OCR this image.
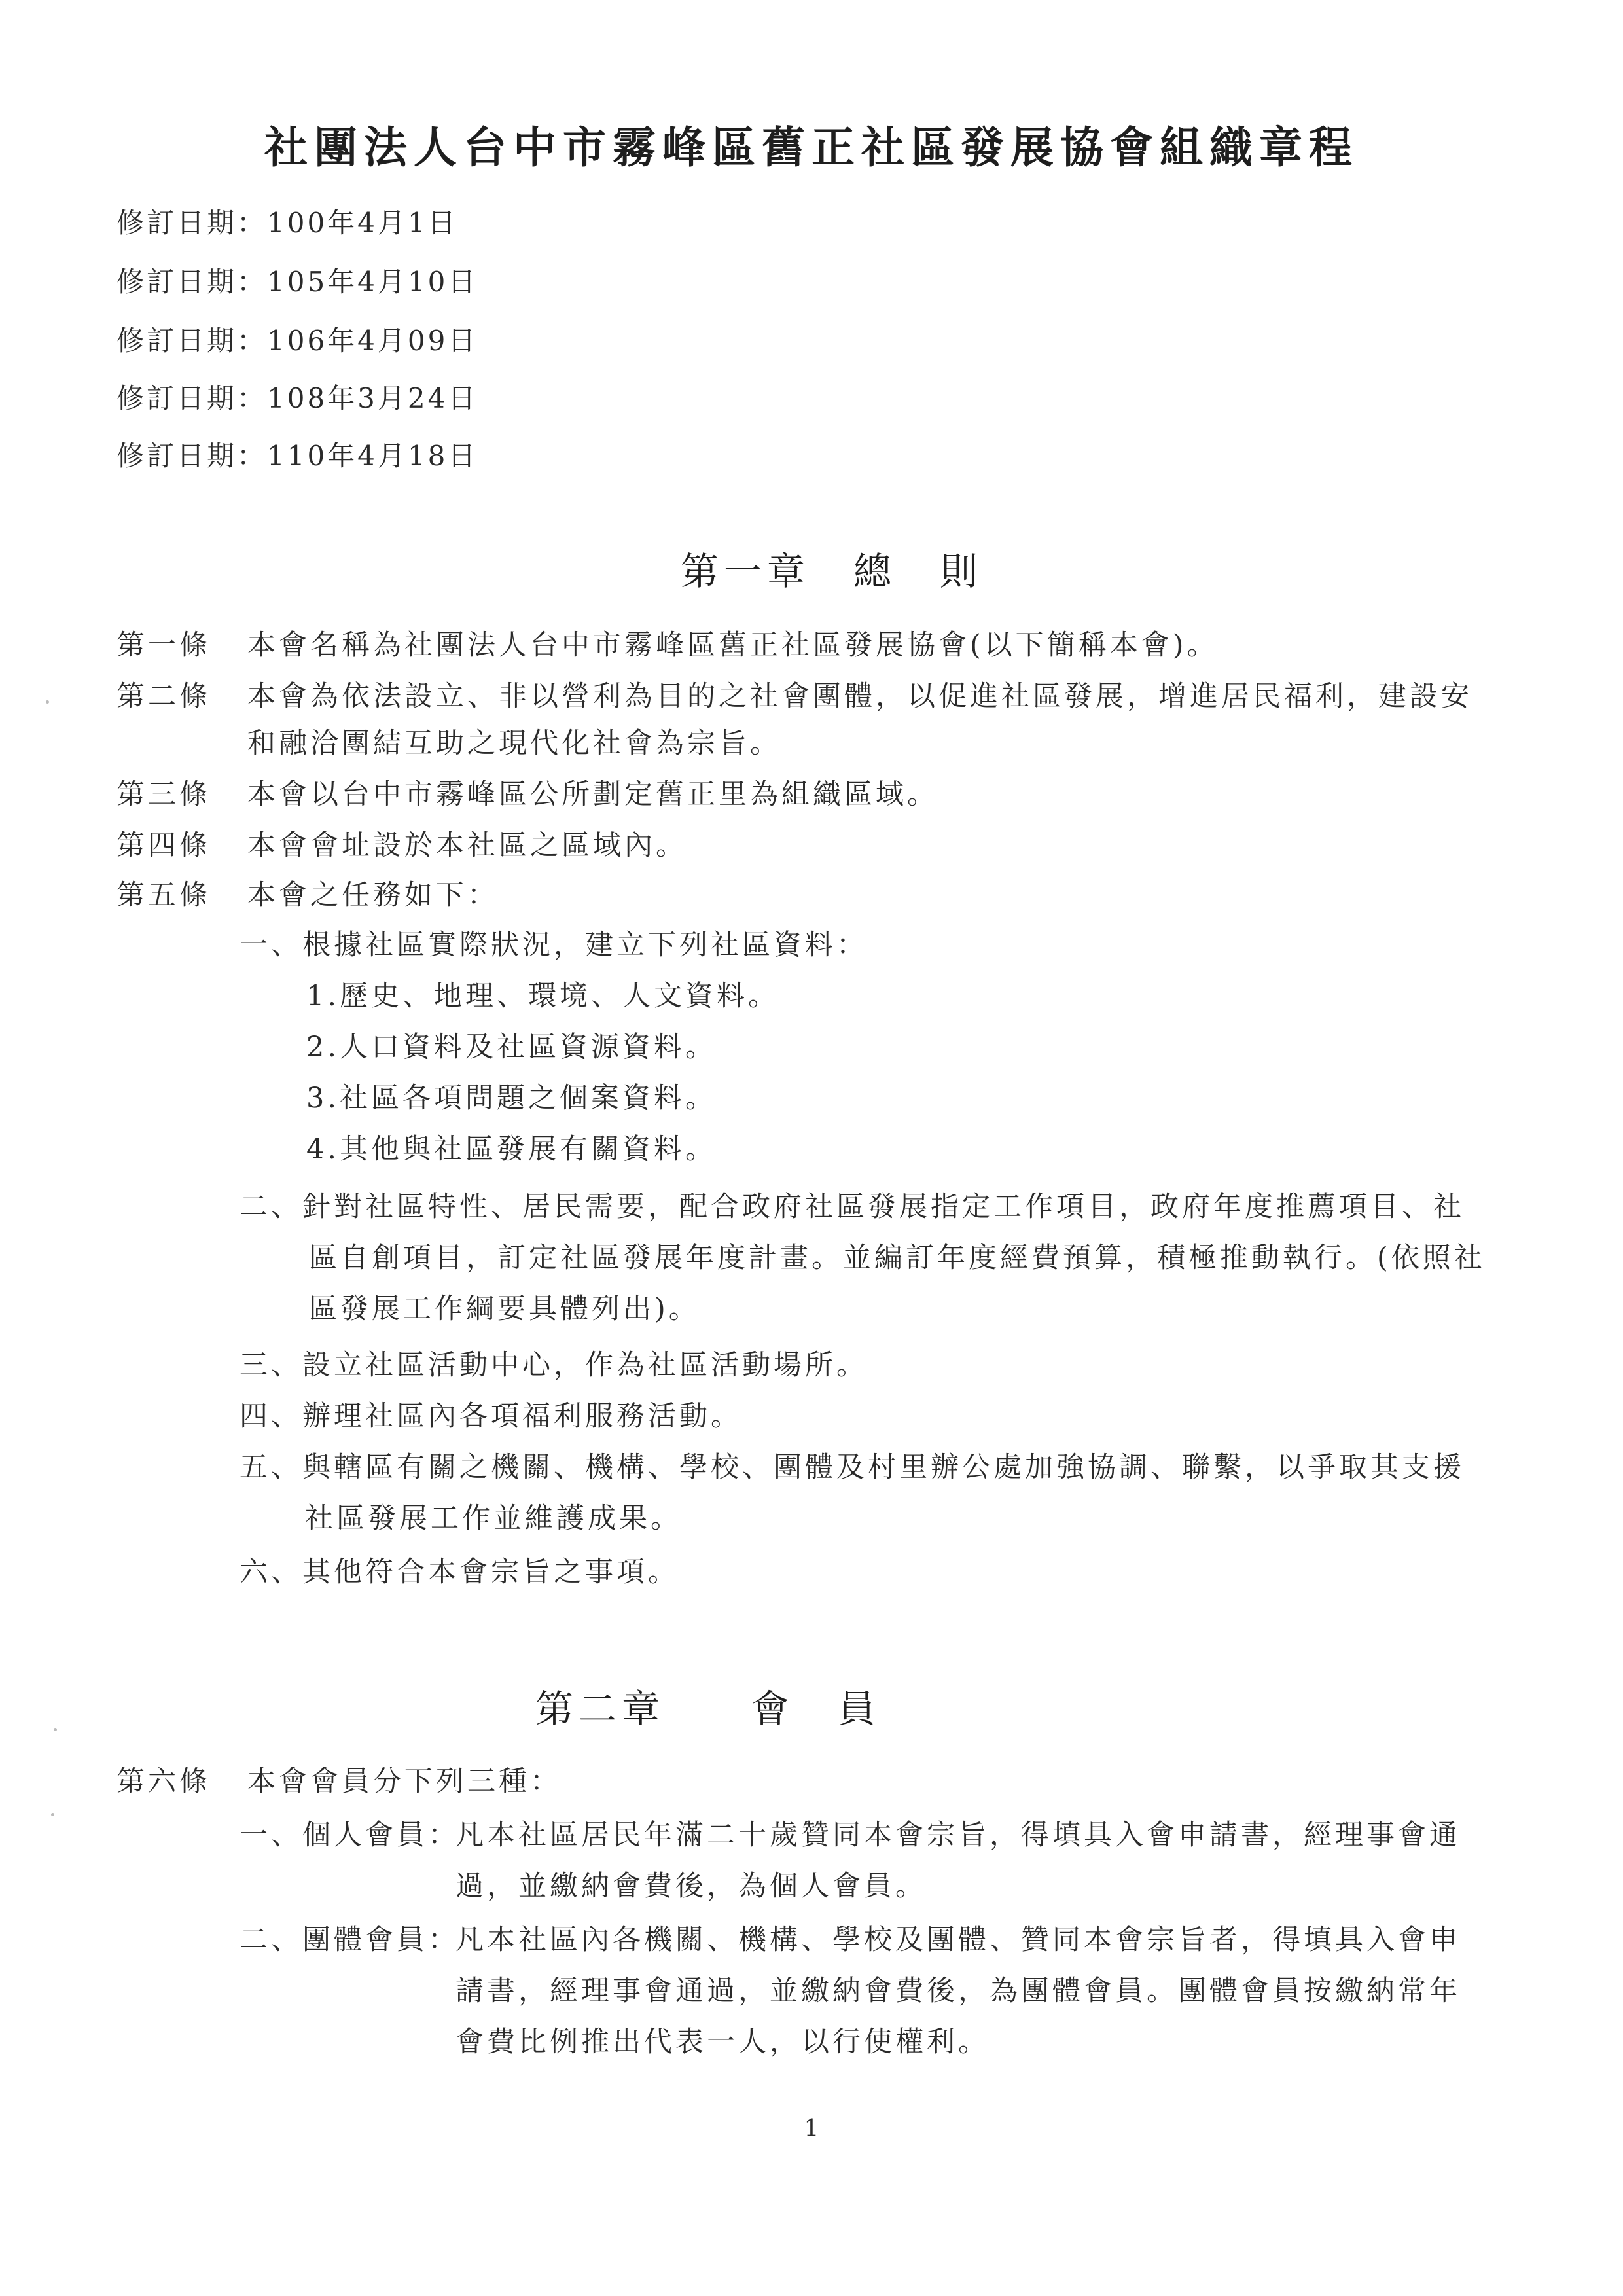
社團法人台中市霧峰區舊正社區發展協會組織章程
修訂日期：100年4月1日
修訂日期：105年4月10日
修訂日期：106年4月09日
修訂日期：108年3月24日
修訂日期：110年4月18日
第一章　總　則
第一條 本會名稱為社團法人台中市霧峰區舊正社區發展協會(以下簡稱本會)。
第二條 本會為依法設立、非以營利為目的之社會團體，以促進社區發展，增進居民福利，建設安
和融洽團結互助之現代化社會為宗旨。
第三條 本會以台中市霧峰區公所劃定舊正里為組織區域。
第四條 本會會址設於本社區之區域內。
第五條 本會之任務如下：
一、根據社區實際狀況，建立下列社區資料：
1.歷史、地理、環境、人文資料。
2.人口資料及社區資源資料。
3.社區各項問題之個案資料。
4.其他與社區發展有關資料。
二、針對社區特性、居民需要，配合政府社區發展指定工作項目，政府年度推薦項目、社
區自創項目，訂定社區發展年度計畫。並編訂年度經費預算，積極推動執行。(依照社
區發展工作綱要具體列出)。
三、設立社區活動中心，作為社區活動場所。
四、辦理社區內各項福利服務活動。
五、與轄區有關之機關、機構、學校、團體及村里辦公處加強協調、聯繫，以爭取其支援
社區發展工作並維護成果。
六、其他符合本會宗旨之事項。
第二章　　會　員
第六條 本會會員分下列三種：
一、個人會員：
凡本社區居民年滿二十歲贊同本會宗旨，得填具入會申請書，經理事會通
過，並繳納會費後，為個人會員。
二、團體會員：
凡本社區內各機關、機構、學校及團體、贊同本會宗旨者，得填具入會申
請書，經理事會通過，並繳納會費後，為團體會員。團體會員按繳納常年
會費比例推出代表一人，以行使權利。
1
